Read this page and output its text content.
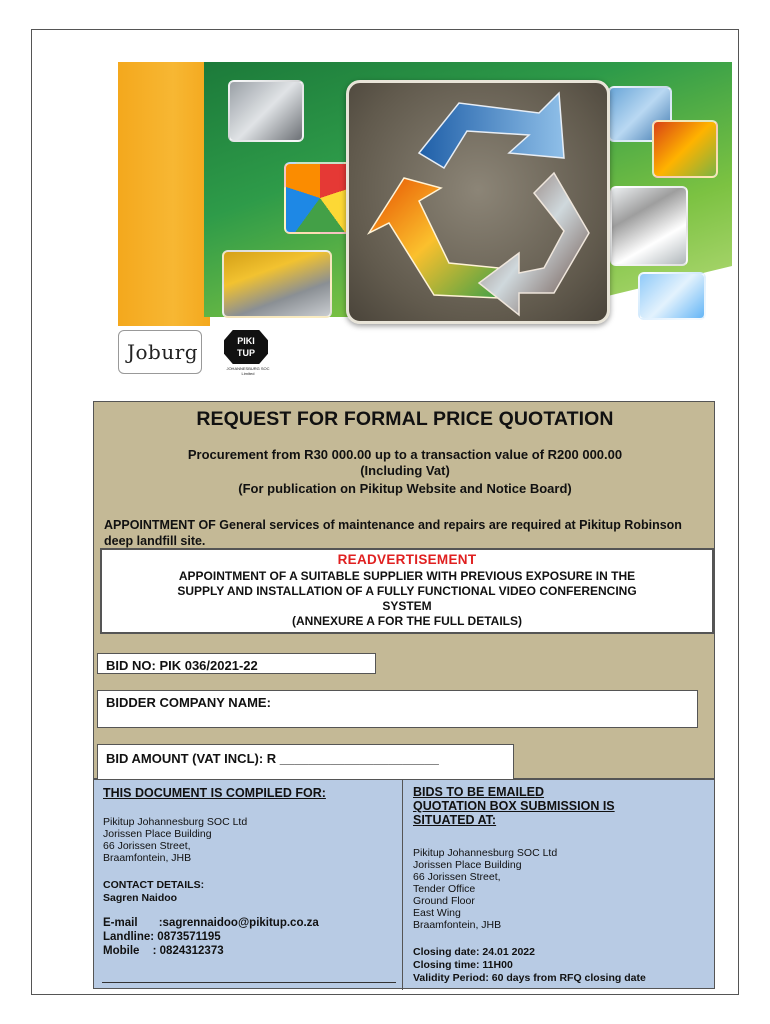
Joburg	PIKI
TUP
JOHANNESBURG SOC Limited
REQUEST FOR FORMAL PRICE QUOTATION
Procurement from R30 000.00 up to a transaction value of R200 000.00
(Including Vat)
(For publication on Pikitup Website and Notice Board)
APPOINTMENT OF General services of maintenance and repairs are required at Pikitup Robinson deep landfill site.
READVERTISEMENT
APPOINTMENT OF A SUITABLE SUPPLIER WITH PREVIOUS EXPOSURE IN THE
SUPPLY AND INSTALLATION OF A FULLY FUNCTIONAL VIDEO CONFERENCING
SYSTEM
(ANNEXURE A FOR THE FULL DETAILS)
BID NO: PIK 036/2021-22
BIDDER COMPANY NAME:
BID AMOUNT (VAT INCL): R ______________________
THIS DOCUMENT IS COMPILED FOR:
Pikitup Johannesburg SOC Ltd
Jorissen Place Building
66 Jorissen Street,
Braamfontein, JHB
CONTACT DETAILS:
Sagren Naidoo
E-mail :sagrennaidoo@pikitup.co.za
Landline: 0873571195
Mobile : 0824312373
BIDS TO BE EMAILED
QUOTATION BOX SUBMISSION IS
SITUATED AT:
Pikitup Johannesburg SOC Ltd
Jorissen Place Building
66 Jorissen Street,
Tender Office
Ground Floor
East Wing
Braamfontein, JHB
Closing date: 24.01 2022
Closing time: 11H00
Validity Period: 60 days from RFQ closing date
